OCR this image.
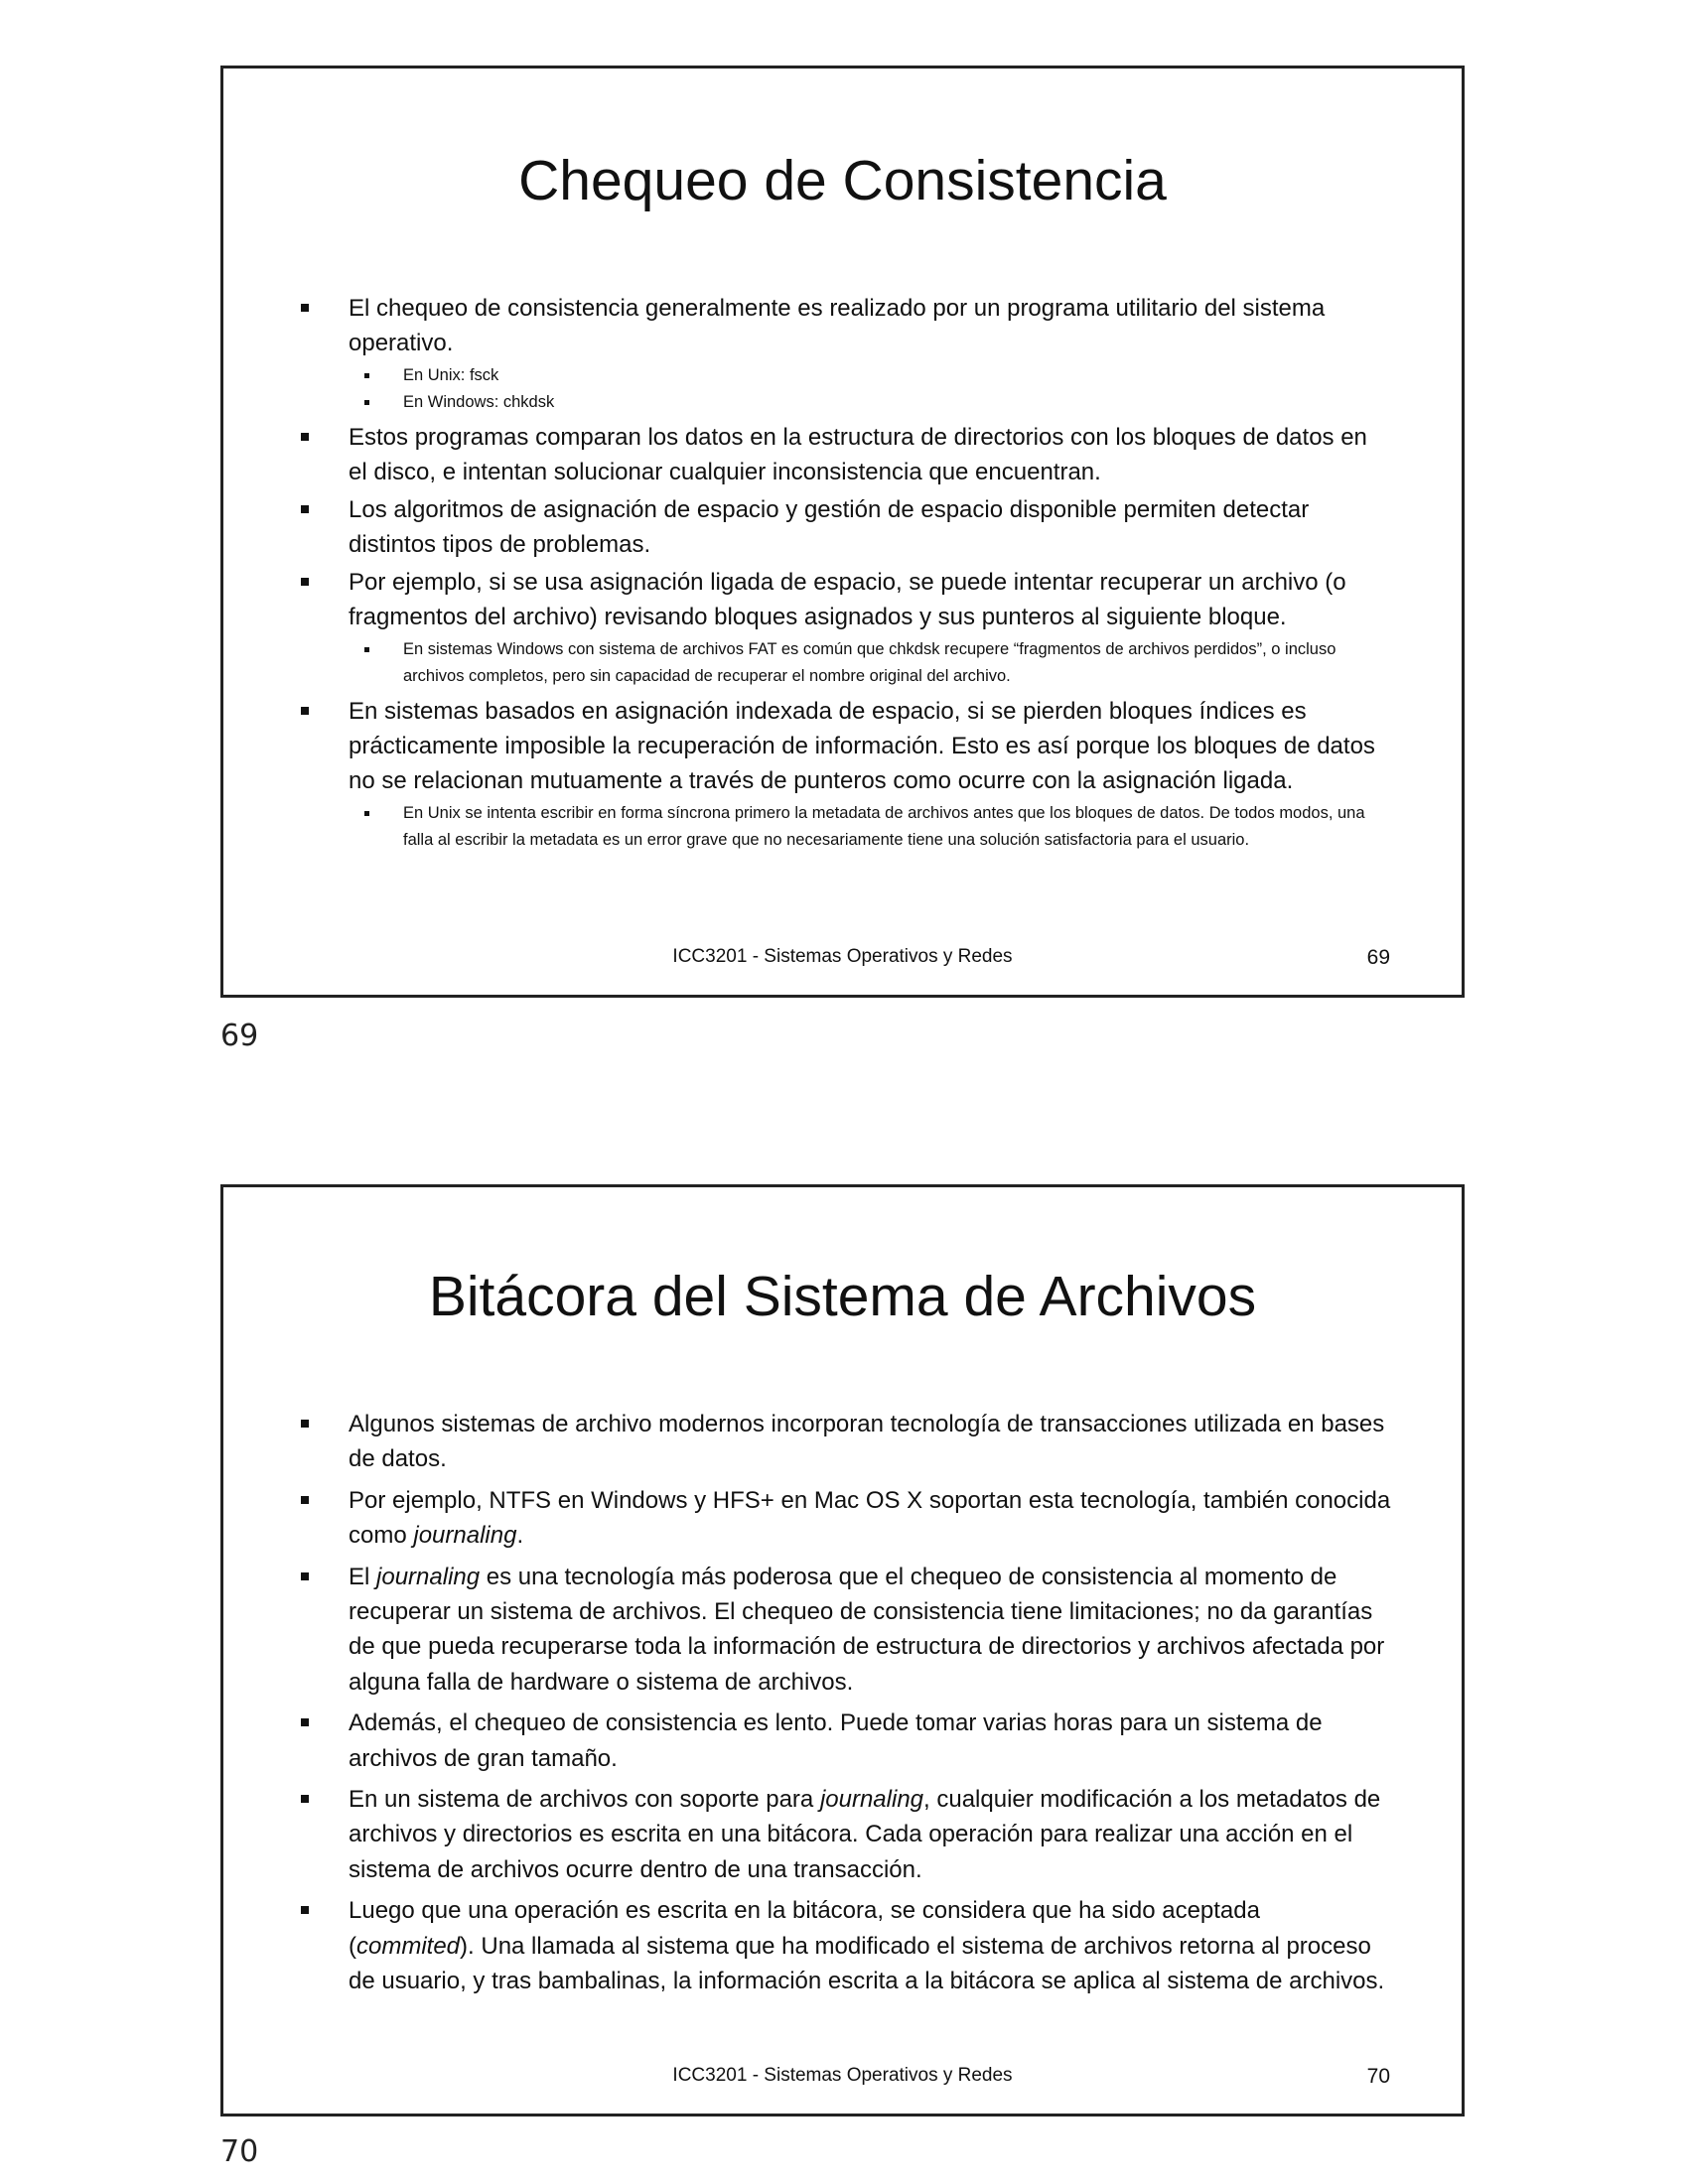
Chequeo de Consistencia
El chequeo de consistencia generalmente es realizado por un programa utilitario del sistema operativo.
En Unix: fsck
En Windows: chkdsk
Estos programas comparan los datos en la estructura de directorios con los bloques de datos en el disco, e intentan solucionar cualquier inconsistencia que encuentran.
Los algoritmos de asignación de espacio y gestión de espacio disponible permiten detectar distintos tipos de problemas.
Por ejemplo, si se usa asignación ligada de espacio, se puede intentar recuperar un archivo (o fragmentos del archivo) revisando bloques asignados y sus punteros al siguiente bloque.
En sistemas Windows con sistema de archivos FAT es común que chkdsk recupere “fragmentos de archivos perdidos”, o incluso archivos completos, pero sin capacidad de recuperar el nombre original del archivo.
En sistemas basados en asignación indexada de espacio, si se pierden bloques índices es prácticamente imposible la recuperación de información. Esto es así porque los bloques de datos no se relacionan mutuamente a través de punteros como ocurre con la asignación ligada.
En Unix se intenta escribir en forma síncrona primero la metadata de archivos antes que los bloques de datos. De todos modos, una falla al escribir la metadata es un error grave que no necesariamente tiene una solución satisfactoria para el usuario.
ICC3201 - Sistemas Operativos y Redes	69
69
Bitácora del Sistema de Archivos
Algunos sistemas de archivo modernos incorporan tecnología de transacciones utilizada en bases de datos.
Por ejemplo, NTFS en Windows y HFS+ en Mac OS X soportan esta tecnología, también conocida como journaling.
El journaling es una tecnología más poderosa que el chequeo de consistencia al momento de recuperar un sistema de archivos. El chequeo de consistencia tiene limitaciones; no da garantías de que pueda recuperarse toda la información de estructura de directorios y archivos afectada por alguna falla de hardware o sistema de archivos.
Además, el chequeo de consistencia es lento. Puede tomar varias horas para un sistema de archivos de gran tamaño.
En un sistema de archivos con soporte para journaling, cualquier modificación a los metadatos de archivos y directorios es escrita en una bitácora. Cada operación para realizar una acción en el sistema de archivos ocurre dentro de una transacción.
Luego que una operación es escrita en la bitácora, se considera que ha sido aceptada (commited). Una llamada al sistema que ha modificado el sistema de archivos retorna al proceso de usuario, y tras bambalinas, la información escrita a la bitácora se aplica al sistema de archivos.
ICC3201 - Sistemas Operativos y Redes	70
70
